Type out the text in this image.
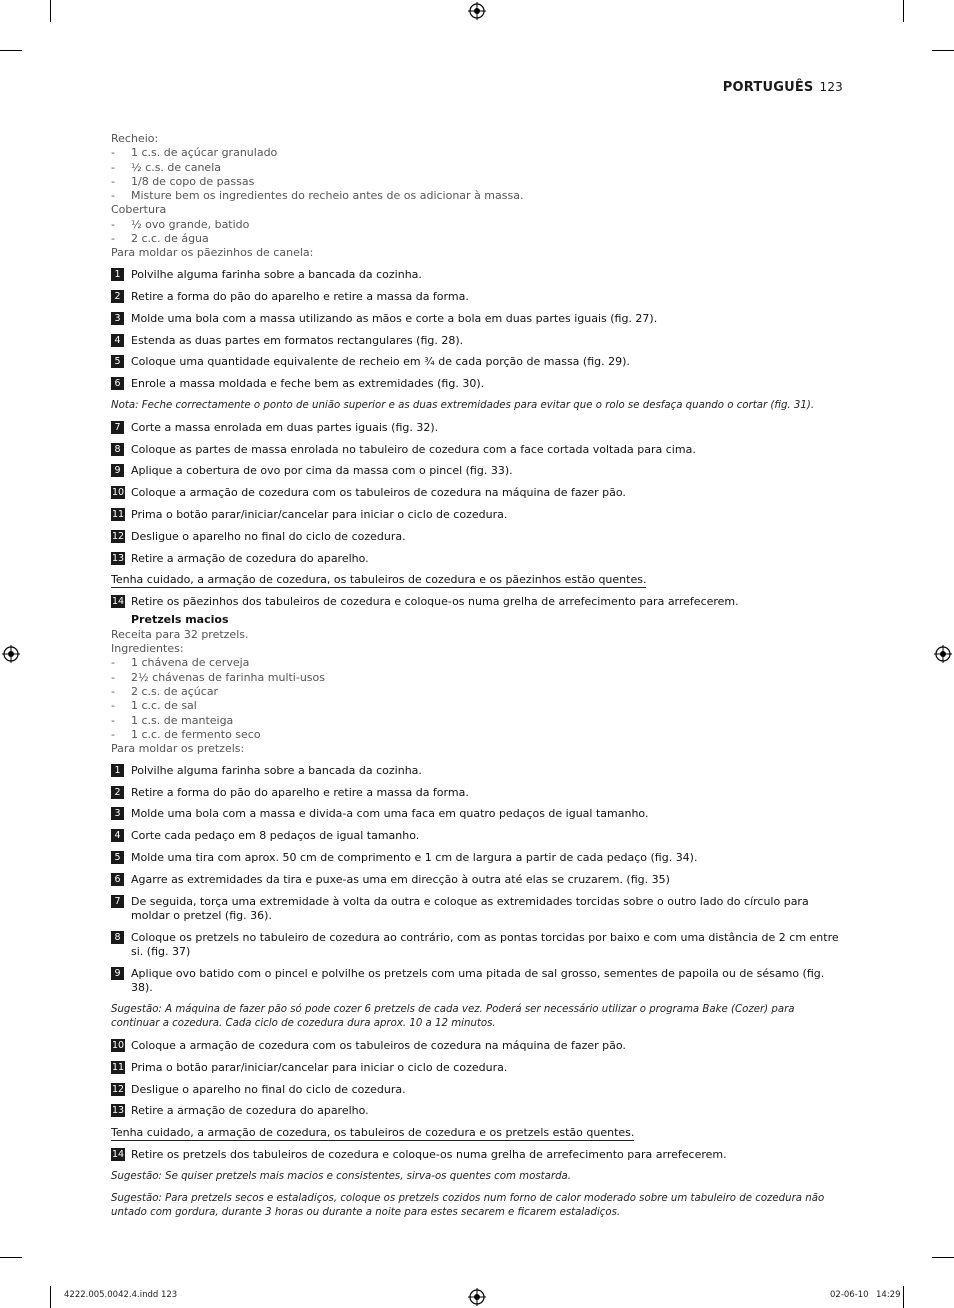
PORTUGUÊS 123
Recheio:
- 1 c.s. de açúcar granulado
- ½ c.s. de canela
- 1/8 de copo de passas
- Misture bem os ingredientes do recheio antes de os adicionar à massa.
Cobertura
- ½ ovo grande, batido
- 2 c.c. de água
Para moldar os pãezinhos de canela:
1 Polvilhe alguma farinha sobre a bancada da cozinha.
2 Retire a forma do pão do aparelho e retire a massa da forma.
3 Molde uma bola com a massa utilizando as mãos e corte a bola em duas partes iguais (fig. 27).
4 Estenda as duas partes em formatos rectangulares (fig. 28).
5 Coloque uma quantidade equivalente de recheio em ¾ de cada porção de massa (fig. 29).
6 Enrole a massa moldada e feche bem as extremidades (fig. 30).
Nota: Feche correctamente o ponto de união superior e as duas extremidades para evitar que o rolo se desfaça quando o cortar (fig. 31).
7 Corte a massa enrolada em duas partes iguais (fig. 32).
8 Coloque as partes de massa enrolada no tabuleiro de cozedura com a face cortada voltada para cima.
9 Aplique a cobertura de ovo por cima da massa com o pincel (fig. 33).
10 Coloque a armação de cozedura com os tabuleiros de cozedura na máquina de fazer pão.
11 Prima o botão parar/iniciar/cancelar para iniciar o ciclo de cozedura.
12 Desligue o aparelho no final do ciclo de cozedura.
13 Retire a armação de cozedura do aparelho.
Tenha cuidado, a armação de cozedura, os tabuleiros de cozedura e os pãezinhos estão quentes.
14 Retire os pãezinhos dos tabuleiros de cozedura e coloque-os numa grelha de arrefecimento para arrefecerem.
Pretzels macios
Receita para 32 pretzels.
Ingredientes:
- 1 chávena de cerveja
- 2½ chávenas de farinha multi-usos
- 2 c.s. de açúcar
- 1 c.c. de sal
- 1 c.s. de manteiga
- 1 c.c. de fermento seco
Para moldar os pretzels:
1 Polvilhe alguma farinha sobre a bancada da cozinha.
2 Retire a forma do pão do aparelho e retire a massa da forma.
3 Molde uma bola com a massa e divida-a com uma faca em quatro pedaços de igual tamanho.
4 Corte cada pedaço em 8 pedaços de igual tamanho.
5 Molde uma tira com aprox. 50 cm de comprimento e 1 cm de largura a partir de cada pedaço (fig. 34).
6 Agarre as extremidades da tira e puxe-as uma em direcção à outra até elas se cruzarem. (fig. 35)
7 De seguida, torça uma extremidade à volta da outra e coloque as extremidades torcidas sobre o outro lado do círculo para moldar o pretzel (fig. 36).
8 Coloque os pretzels no tabuleiro de cozedura ao contrário, com as pontas torcidas por baixo e com uma distância de 2 cm entre si. (fig. 37)
9 Aplique ovo batido com o pincel e polvilhe os pretzels com uma pitada de sal grosso, sementes de papoila ou de sésamo (fig. 38).
Sugestão: A máquina de fazer pão só pode cozer 6 pretzels de cada vez. Poderá ser necessário utilizar o programa Bake (Cozer) para continuar a cozedura. Cada ciclo de cozedura dura aprox. 10 a 12 minutos.
10 Coloque a armação de cozedura com os tabuleiros de cozedura na máquina de fazer pão.
11 Prima o botão parar/iniciar/cancelar para iniciar o ciclo de cozedura.
12 Desligue o aparelho no final do ciclo de cozedura.
13 Retire a armação de cozedura do aparelho.
Tenha cuidado, a armação de cozedura, os tabuleiros de cozedura e os pretzels estão quentes.
14 Retire os pretzels dos tabuleiros de cozedura e coloque-os numa grelha de arrefecimento para arrefecerem.
Sugestão: Se quiser pretzels mais macios e consistentes, sirva-os quentes com mostarda.
Sugestão: Para pretzels secos e estaladiços, coloque os pretzels cozidos num forno de calor moderado sobre um tabuleiro de cozedura não untado com gordura, durante 3 horas ou durante a noite para estes secarem e ficarem estaladiços.
4222.005.0042.4.indd 123	02-06-10 14:29
